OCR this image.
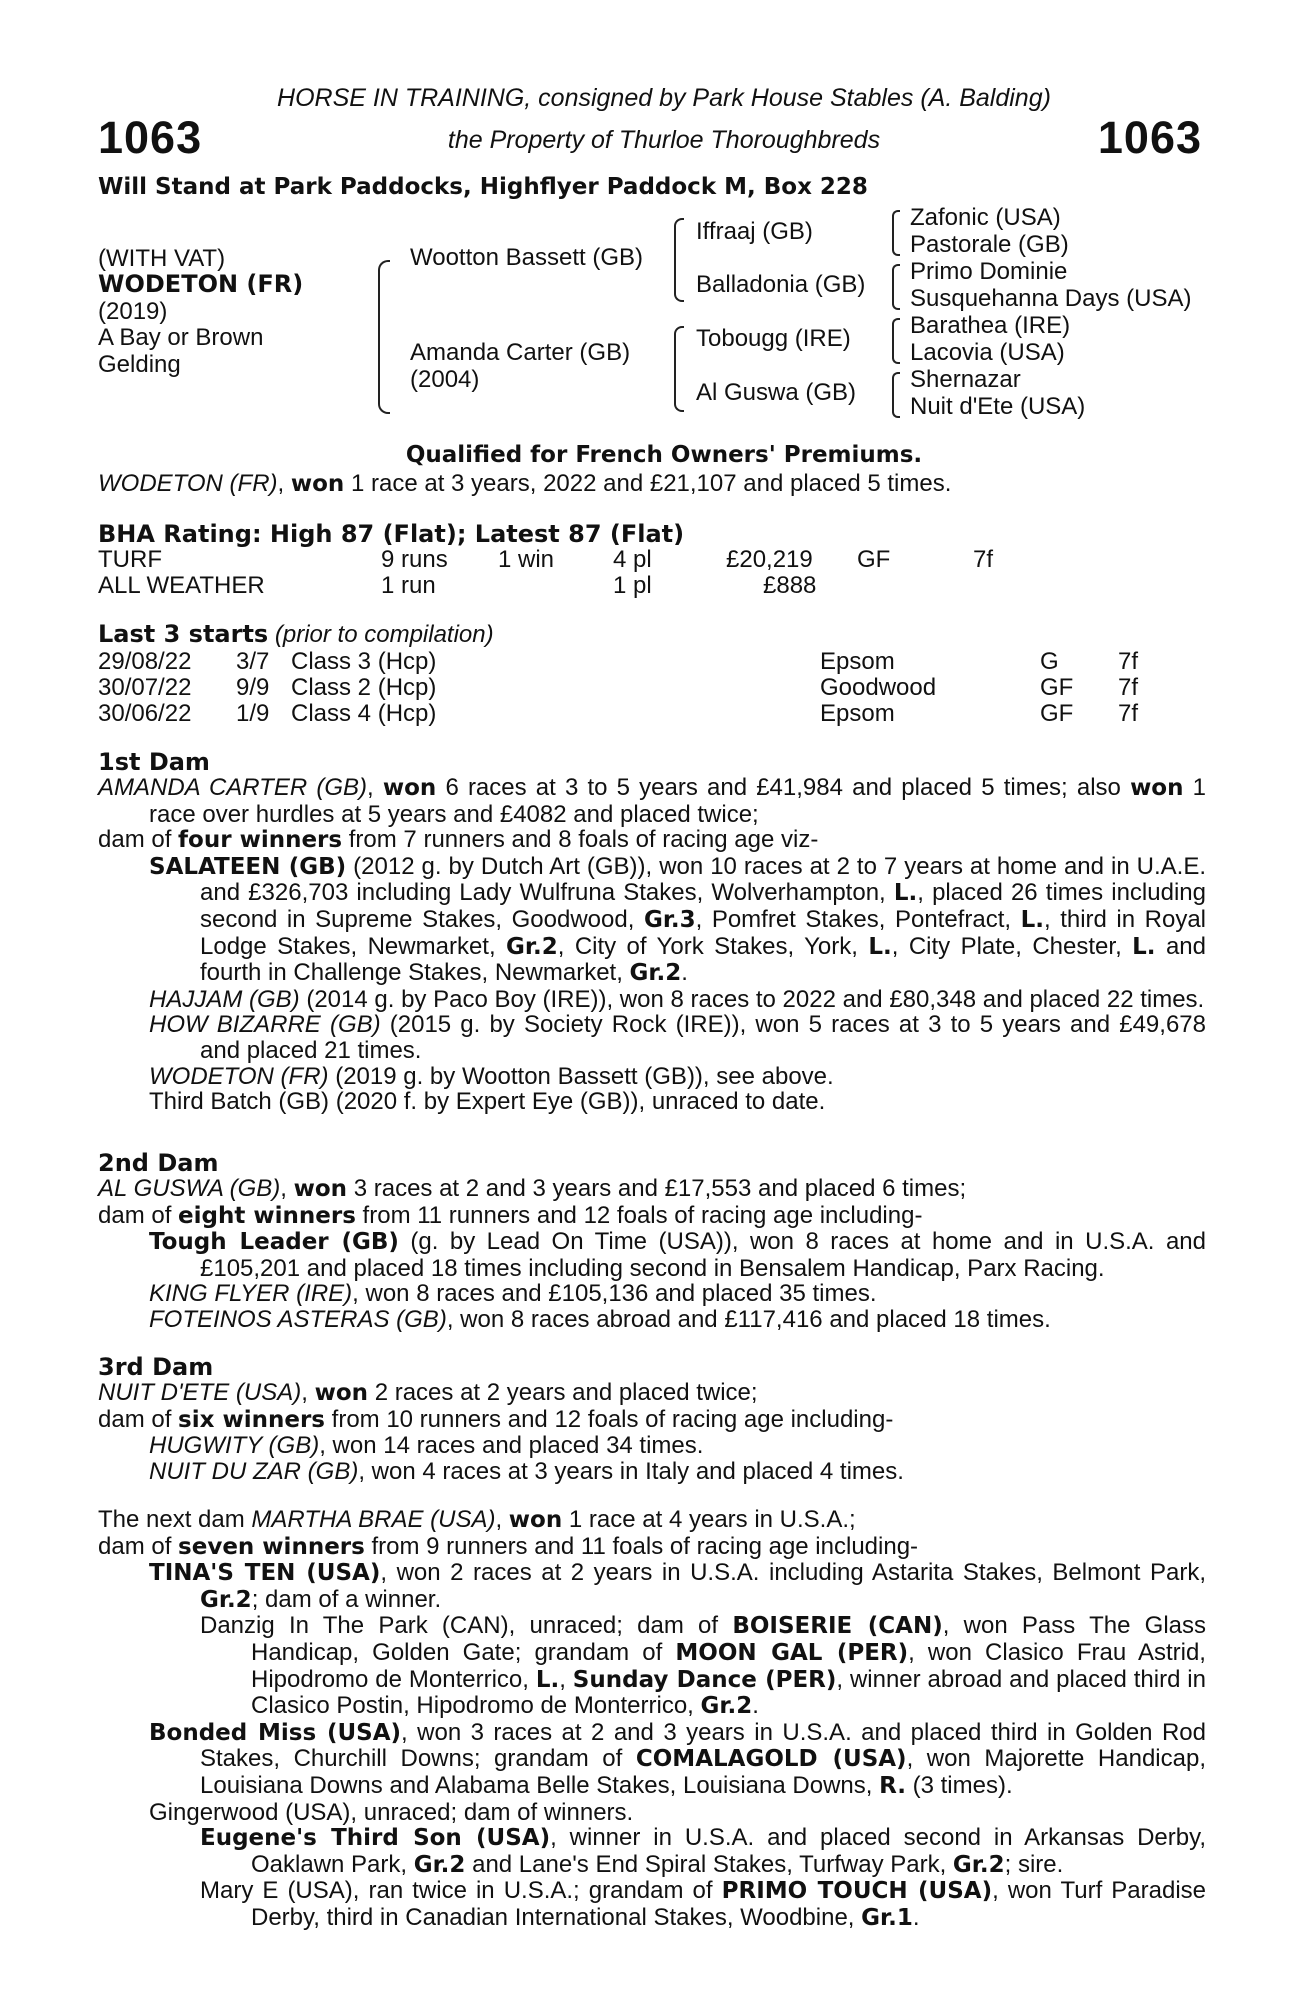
1063	1063
HORSE IN TRAINING, consigned by Park House Stables (A. Balding)
the Property of Thurloe Thoroughbreds
Will Stand at Park Paddocks, Highflyer Paddock M, Box 228
(WITH VAT)
WODETON (FR)
(2019)
A Bay or Brown
Gelding
Wootton Bassett (GB)
Amanda Carter (GB)
(2004)
Iffraaj (GB)
Balladonia (GB)
Tobougg (IRE)
Al Guswa (GB)
Zafonic (USA)
Pastorale (GB)
Primo Dominie
Susquehanna Days (USA)
Barathea (IRE)
Lacovia (USA)
Shernazar
Nuit d'Ete (USA)
Qualified for French Owners' Premiums.
WODETON (FR), won 1 race at 3 years, 2022 and £21,107 and placed 5 times.
BHA Rating: High 87 (Flat); Latest 87 (Flat)
TURF	9 runs 1 win 4 pl	£20,219 GF	7f
ALL WEATHER	1 run	1 pl	£888
Last 3 starts (prior to compilation)
29/08/22 3/7 Class 3 (Hcp)	Epsom	G 7f
30/07/22 9/9 Class 2 (Hcp)	Goodwood	GF 7f
30/06/22 1/9 Class 4 (Hcp)	Epsom	GF 7f
1st Dam
AMANDA CARTER (GB), won 6 races at 3 to 5 years and £41,984 and placed 5 times; also won 1 race over hurdles at 5 years and £4082 and placed twice;
dam of four winners from 7 runners and 8 foals of racing age viz-
SALATEEN (GB) (2012 g. by Dutch Art (GB)), won 10 races at 2 to 7 years at home and in U.A.E. and £326,703 including Lady Wulfruna Stakes, Wolverhampton, L., placed 26 times including second in Supreme Stakes, Goodwood, Gr.3, Pomfret Stakes, Pontefract, L., third in Royal Lodge Stakes, Newmarket, Gr.2, City of York Stakes, York, L., City Plate, Chester, L. and fourth in Challenge Stakes, Newmarket, Gr.2.
HAJJAM (GB) (2014 g. by Paco Boy (IRE)), won 8 races to 2022 and £80,348 and placed 22 times.
HOW BIZARRE (GB) (2015 g. by Society Rock (IRE)), won 5 races at 3 to 5 years and £49,678 and placed 21 times.
WODETON (FR) (2019 g. by Wootton Bassett (GB)), see above.
Third Batch (GB) (2020 f. by Expert Eye (GB)), unraced to date.
2nd Dam
AL GUSWA (GB), won 3 races at 2 and 3 years and £17,553 and placed 6 times;
dam of eight winners from 11 runners and 12 foals of racing age including-
Tough Leader (GB) (g. by Lead On Time (USA)), won 8 races at home and in U.S.A. and £105,201 and placed 18 times including second in Bensalem Handicap, Parx Racing.
KING FLYER (IRE), won 8 races and £105,136 and placed 35 times.
FOTEINOS ASTERAS (GB), won 8 races abroad and £117,416 and placed 18 times.
3rd Dam
NUIT D'ETE (USA), won 2 races at 2 years and placed twice;
dam of six winners from 10 runners and 12 foals of racing age including-
HUGWITY (GB), won 14 races and placed 34 times.
NUIT DU ZAR (GB), won 4 races at 3 years in Italy and placed 4 times.
The next dam MARTHA BRAE (USA), won 1 race at 4 years in U.S.A.;
dam of seven winners from 9 runners and 11 foals of racing age including-
TINA'S TEN (USA), won 2 races at 2 years in U.S.A. including Astarita Stakes, Belmont Park, Gr.2; dam of a winner.
Danzig In The Park (CAN), unraced; dam of BOISERIE (CAN), won Pass The Glass Handicap, Golden Gate; grandam of MOON GAL (PER), won Clasico Frau Astrid, Hipodromo de Monterrico, L., Sunday Dance (PER), winner abroad and placed third in Clasico Postin, Hipodromo de Monterrico, Gr.2.
Bonded Miss (USA), won 3 races at 2 and 3 years in U.S.A. and placed third in Golden Rod Stakes, Churchill Downs; grandam of COMALAGOLD (USA), won Majorette Handicap, Louisiana Downs and Alabama Belle Stakes, Louisiana Downs, R. (3 times).
Gingerwood (USA), unraced; dam of winners.
Eugene's Third Son (USA), winner in U.S.A. and placed second in Arkansas Derby, Oaklawn Park, Gr.2 and Lane's End Spiral Stakes, Turfway Park, Gr.2; sire.
Mary E (USA), ran twice in U.S.A.; grandam of PRIMO TOUCH (USA), won Turf Paradise Derby, third in Canadian International Stakes, Woodbine, Gr.1.
